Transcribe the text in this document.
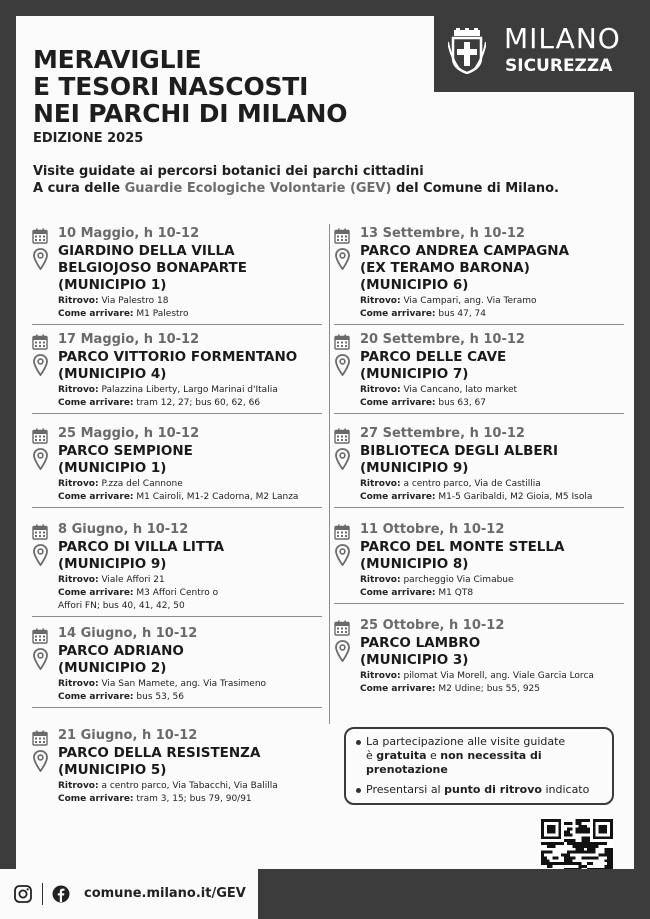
MILANO
SICUREZZA
MERAVIGLIE
E TESORI NASCOSTI
NEI PARCHI DI MILANO
EDIZIONE 2025
Visite guidate ai percorsi botanici dei parchi cittadini
A cura delle Guardie Ecologiche Volontarie (GEV) del Comune di Milano.
10 Maggio, h 10-12
GIARDINO DELLA VILLA
BELGIOJOSO BONAPARTE
(MUNICIPIO 1)
Ritrovo: Via Palestro 18
Come arrivare: M1 Palestro
17 Maggio, h 10-12
PARCO VITTORIO FORMENTANO
(MUNICIPIO 4)
Ritrovo: Palazzina Liberty, Largo Marinai d'Italia
Come arrivare: tram 12, 27; bus 60, 62, 66
25 Maggio, h 10-12
PARCO SEMPIONE
(MUNICIPIO 1)
Ritrovo: P.zza del Cannone
Come arrivare: M1 Cairoli, M1-2 Cadorna, M2 Lanza
8 Giugno, h 10-12
PARCO DI VILLA LITTA
(MUNICIPIO 9)
Ritrovo: Viale Affori 21
Come arrivare: M3 Affori Centro o
Affori FN; bus 40, 41, 42, 50
14 Giugno, h 10-12
PARCO ADRIANO
(MUNICIPIO 2)
Ritrovo: Via San Mamete, ang. Via Trasimeno
Come arrivare: bus 53, 56
21 Giugno, h 10-12
PARCO DELLA RESISTENZA
(MUNICIPIO 5)
Ritrovo: a centro parco, Via Tabacchi, Via Balilla
Come arrivare: tram 3, 15; bus 79, 90/91
13 Settembre, h 10-12
PARCO ANDREA CAMPAGNA
(EX TERAMO BARONA)
(MUNICIPIO 6)
Ritrovo: Via Campari, ang. Via Teramo
Come arrivare: bus 47, 74
20 Settembre, h 10-12
PARCO DELLE CAVE
(MUNICIPIO 7)
Ritrovo: Via Cancano, lato market
Come arrivare: bus 63, 67
27 Settembre, h 10-12
BIBLIOTECA DEGLI ALBERI
(MUNICIPIO 9)
Ritrovo: a centro parco, Via de Castillia
Come arrivare: M1-5 Garibaldi, M2 Gioia, M5 Isola
11 Ottobre, h 10-12
PARCO DEL MONTE STELLA
(MUNICIPIO 8)
Ritrovo: parcheggio Via Cimabue
Come arrivare: M1 QT8
25 Ottobre, h 10-12
PARCO LAMBRO
(MUNICIPIO 3)
Ritrovo: pilomat Via Morell, ang. Viale Garcia Lorca
Come arrivare: M2 Udine; bus 55, 925
La partecipazione alle visite guidate
è gratuita e non necessita di prenotazione
Presentarsi al punto di ritrovo indicato
comune.milano.it/GEV
